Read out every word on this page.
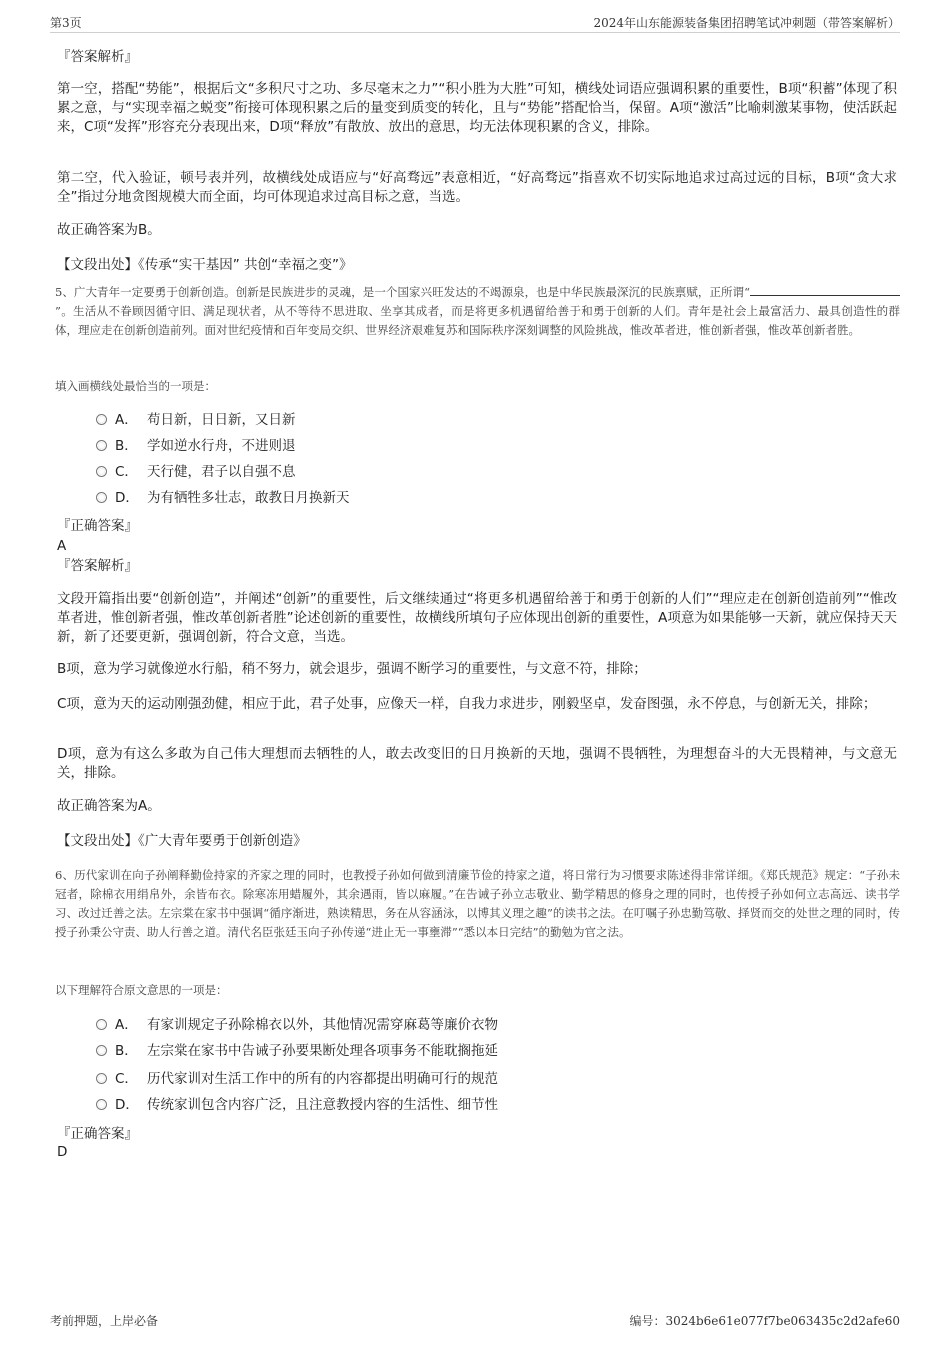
第3页	2024年山东能源装备集团招聘笔试冲刺题（带答案解析）
『答案解析』
第一空，搭配“势能”，根据后文“多积尺寸之功、多尽毫末之力”“积小胜为大胜”可知，横线处词语应强调积累的重要性，B项“积蓄”体现了积累之意，与“实现幸福之蜕变”衔接可体现积累之后的量变到质变的转化，且与“势能”搭配恰当，保留。A项“激活”比喻刺激某事物，使活跃起来，C项“发挥”形容充分表现出来，D项“释放”有散放、放出的意思，均无法体现积累的含义，排除。
第二空，代入验证，顿号表并列，故横线处成语应与“好高骛远”表意相近，“好高骛远”指喜欢不切实际地追求过高过远的目标，B项“贪大求全”指过分地贪图规模大而全面，均可体现追求过高目标之意，当选。
故正确答案为B。
【文段出处】《传承“实干基因” 共创“幸福之变”》
5、广大青年一定要勇于创新创造。创新是民族进步的灵魂，是一个国家兴旺发达的不竭源泉，也是中华民族最深沉的民族禀赋，正所谓“”。生活从不眷顾因循守旧、满足现状者，从不等待不思进取、坐享其成者，而是将更多机遇留给善于和勇于创新的人们。青年是社会上最富活力、最具创造性的群体，理应走在创新创造前列。面对世纪疫情和百年变局交织、世界经济艰难复苏和国际秩序深刻调整的风险挑战，惟改革者进，惟创新者强，惟改革创新者胜。
填入画横线处最恰当的一项是：
A． 苟日新，日日新，又日新
B． 学如逆水行舟，不进则退
C． 天行健，君子以自强不息
D． 为有牺牲多壮志，敢教日月换新天
『正确答案』
A
『答案解析』
文段开篇指出要“创新创造”，并阐述“创新”的重要性，后文继续通过“将更多机遇留给善于和勇于创新的人们”“理应走在创新创造前列”“惟改革者进，惟创新者强，惟改革创新者胜”论述创新的重要性，故横线所填句子应体现出创新的重要性，A项意为如果能够一天新，就应保持天天新，新了还要更新，强调创新，符合文意，当选。
B项，意为学习就像逆水行船，稍不努力，就会退步，强调不断学习的重要性，与文意不符，排除；
C项，意为天的运动刚强劲健，相应于此，君子处事，应像天一样，自我力求进步，刚毅坚卓，发奋图强，永不停息，与创新无关，排除；
D项，意为有这么多敢为自己伟大理想而去牺牲的人，敢去改变旧的日月换新的天地，强调不畏牺牲，为理想奋斗的大无畏精神，与文意无关，排除。
故正确答案为A。
【文段出处】《广大青年要勇于创新创造》
6、历代家训在向子孙阐释勤俭持家的齐家之理的同时，也教授子孙如何做到清廉节俭的持家之道，将日常行为习惯要求陈述得非常详细。《郑氏规范》规定：“子孙未冠者，除棉衣用绢帛外，余皆布衣。除寒冻用蜡履外，其余遇雨，皆以麻履。”在告诫子孙立志敬业、勤学精思的修身之理的同时，也传授子孙如何立志高远、读书学习、改过迁善之法。左宗棠在家书中强调“循序渐进，熟读精思，务在从容涵泳，以博其义理之趣”的读书之法。在叮嘱子孙忠勤笃敬、择贤而交的处世之理的同时，传授子孙秉公守责、助人行善之道。清代名臣张廷玉向子孙传递“进止无一事壅滞”“悉以本日完结”的勤勉为官之法。
以下理解符合原文意思的一项是：
A． 有家训规定子孙除棉衣以外，其他情况需穿麻葛等廉价衣物
B． 左宗棠在家书中告诫子孙要果断处理各项事务不能耽搁拖延
C． 历代家训对生活工作中的所有的内容都提出明确可行的规范
D． 传统家训包含内容广泛，且注意教授内容的生活性、细节性
『正确答案』
D
考前押题，上岸必备	编号：3024b6e61e077f7be063435c2d2afe60
